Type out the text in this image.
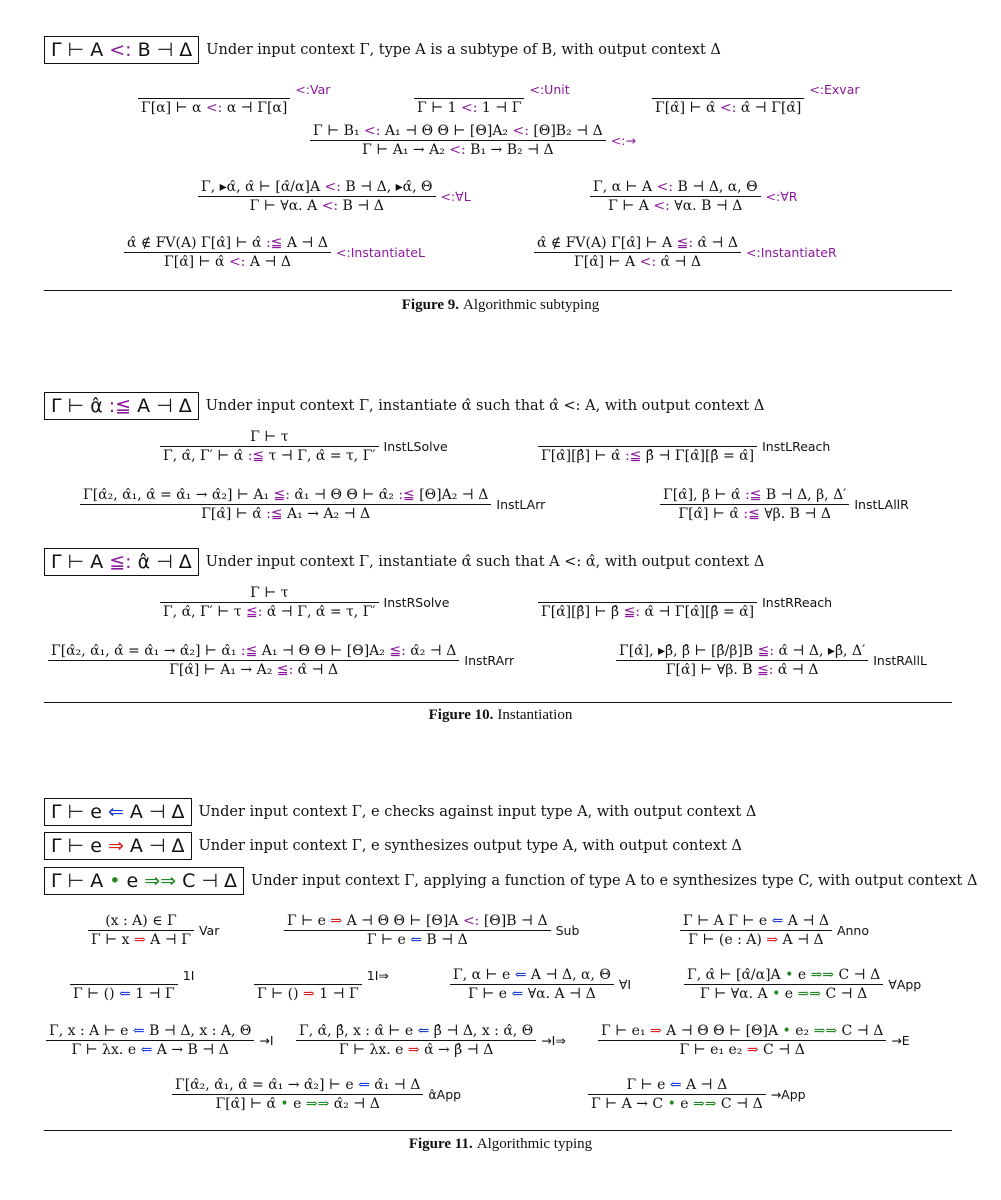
Γ ⊢ A <: B ⊣ Δ Under input context Γ, type A is a subtype of B, with output context Δ
Γ[α] ⊢ α <: α ⊣ Γ[α]
<:Var
Γ ⊢ 1 <: 1 ⊣ Γ
<:Unit
Γ[α̂] ⊢ α̂ <: α̂ ⊣ Γ[α̂]
<:Exvar
$\frac{\text{Γ ⊢ B₁ <: A₁ ⊣ Θ Θ ⊢ [Θ]A₂ <: [Θ]B₂ ⊣ Δ}}{\text{Γ ⊢ A₁ → A₂ <: B₁ → B₂ ⊣ Δ}}$ <:→
$\frac{\Gamma, ▸\alphâ, \alphâ ⊢ [\alphâ/\alpha]A <: B ⊣ \Delta, ▸\alphâ, \Theta}{\Gamma ⊢ \forall\alpha. A <: B ⊣ \Delta}$ <:∀L	$\frac{\Gamma, \alpha ⊢ A <: B ⊣ \Delta, \alpha, \Theta}{\Gamma ⊢ A <: \forall\alpha. B ⊣ \Delta}$ <:∀R
$\frac{\alphâ \notin FV(A) \Gamma[\alphâ] ⊢ \alphâ :≦ A ⊣ \Delta}{\Gamma[\alphâ] ⊢ \alphâ <: A ⊣ \Delta}$ <:InstantiateL	$\frac{\alphâ \notin FV(A) \Gamma[\alphâ] ⊢ A ≦: \alphâ ⊣ \Delta}{\Gamma[\alphâ] ⊢ A <: \alphâ ⊣ \Delta}$ <:InstantiateR
Figure 9. Algorithmic subtyping
Γ ⊢ α̂ :≦ A ⊣ Δ Under input context Γ, instantiate α̂ such that α̂ <: A, with output context Δ
$\frac{\Gamma ⊢ \tau}{\Gamma, \alphâ, \Gamma' ⊢ \alphâ :≦ \tau ⊣ \Gamma, \alphâ = \tau, \Gamma'}$ InstLSolve
Γ[α̂][β̂] ⊢ α̂ :≦ β̂ ⊣ Γ[α̂][β̂ = α̂]
InstLReach
Γ[α̂₂, α̂₁, α̂ = α̂₁ → α̂₂] ⊢ A₁ ≦: α̂₁ ⊣ Θ Θ ⊢ α̂₂ :≦ [Θ]A₂ ⊣ Δ
Γ[α̂] ⊢ α̂ :≦ A₁ → A₂ ⊣ Δ
InstLArr	$\frac{\Gamma[\alphâ], \beta ⊢ \alphâ :≦ B ⊣ \Delta, \beta, \Delta'}{\Gamma[\alphâ] ⊢ \alphâ :≦ \forall\beta. B ⊣ \Delta}$ InstLAllR
Γ ⊢ A ≦: α̂ ⊣ Δ Under input context Γ, instantiate α̂ such that A <: α̂, with output context Δ
$\frac{\Gamma ⊢ \tau}{\Gamma, \alphâ, \Gamma' ⊢ \tau ≦: \alphâ ⊣ \Gamma, \alphâ = \tau, \Gamma'}$ InstRSolve
Γ[α̂][β̂] ⊢ β̂ ≦: α̂ ⊣ Γ[α̂][β̂ = α̂]
InstRReach
Γ[α̂₂, α̂₁, α̂ = α̂₁ → α̂₂] ⊢ α̂₁ :≦ A₁ ⊣ Θ Θ ⊢ [Θ]A₂ ≦: α̂₂ ⊣ Δ
Γ[α̂] ⊢ A₁ → A₂ ≦: α̂ ⊣ Δ
InstRArr	$\frac{\Gamma[\alphâ], ▸\betâ, \betâ ⊢ [\betâ/\beta]B ≦: \alphâ ⊣ \Delta, ▸\betâ, \Delta'}{\Gamma[\alphâ] ⊢ \forall\beta. B ≦: \alphâ ⊣ \Delta}$ InstRAllL
Figure 10. Instantiation
Γ ⊢ e ⇐ A ⊣ Δ Under input context Γ, e checks against input type A, with output context Δ
Γ ⊢ e ⇒ A ⊣ Δ Under input context Γ, e synthesizes output type A, with output context Δ
Γ ⊢ A • e ⇒⇒ C ⊣ Δ Under input context Γ, applying a function of type A to e synthesizes type C, with output context Δ
$\frac{(x : A) \in \Gamma}{\Gamma ⊢ x \Rightarrow A ⊣ \Gamma}$ Var	$\frac{\text{Γ ⊢ e ⇒ A ⊣ Θ Θ ⊢ [Θ]A <: [Θ]B ⊣ Δ}}{\Gamma ⊢ e ⇐ B ⊣ \Delta}$ Sub	$\frac{\text{Γ ⊢ A Γ ⊢ e ⇐ A ⊣ Δ}}{\Gamma ⊢ (e : A) \Rightarrow A ⊣ \Delta}$ Anno
Γ ⊢ () ⇐ 1 ⊣ Γ
1I
Γ ⊢ () ⇒ 1 ⊣ Γ
1I⇒	$\frac{\Gamma, \alpha ⊢ e ⇐ A ⊣ \Delta, \alpha, \Theta}{\Gamma ⊢ e ⇐ \forall\alpha. A ⊣ \Delta}$ ∀I	$\frac{\Gamma, \alphâ ⊢ [\alphâ/\alpha]A • e \Rightarrow\Rightarrow C ⊣ \Delta}{\Gamma ⊢ \forall\alpha. A • e \Rightarrow\Rightarrow C ⊣ \Delta}$ ∀App
$\frac{\Gamma, x : A ⊢ e ⇐ B ⊣ \Delta, x : A, \Theta}{\Gamma ⊢ \lambda x. e ⇐ A \to B ⊣ \Delta} \to I \frac{\Gamma, \alphâ, \betâ, x : \alphâ ⊢ e ⇐ \betâ ⊣ \Delta, x : \alphâ, \Theta}{\Gamma ⊢ \lambda x. e \Rightarrow \alphâ \to \betâ ⊣ \Delta}$ →I⇒ $\frac{\text{Γ ⊢ e₁ ⇒ A ⊣ Θ Θ ⊢ [Θ]A • e₂ ⇒⇒ C ⊣ Δ}}{\text{Γ ⊢ e₁ e₂ ⇒ C ⊣ Δ}} \to E$
$\frac{\text{Γ[α̂₂, α̂₁, α̂ = α̂₁ → α̂₂] ⊢ e ⇐ α̂₁ ⊣ Δ}}{\text{Γ[α̂] ⊢ α̂ • e ⇒⇒ α̂₂ ⊣ Δ}}$ α̂App	$\frac{\Gamma ⊢ e ⇐ A ⊣ \Delta}{\Gamma ⊢ A \to C • e \Rightarrow\Rightarrow C ⊣ \Delta} \to App$
Figure 11. Algorithmic typing
